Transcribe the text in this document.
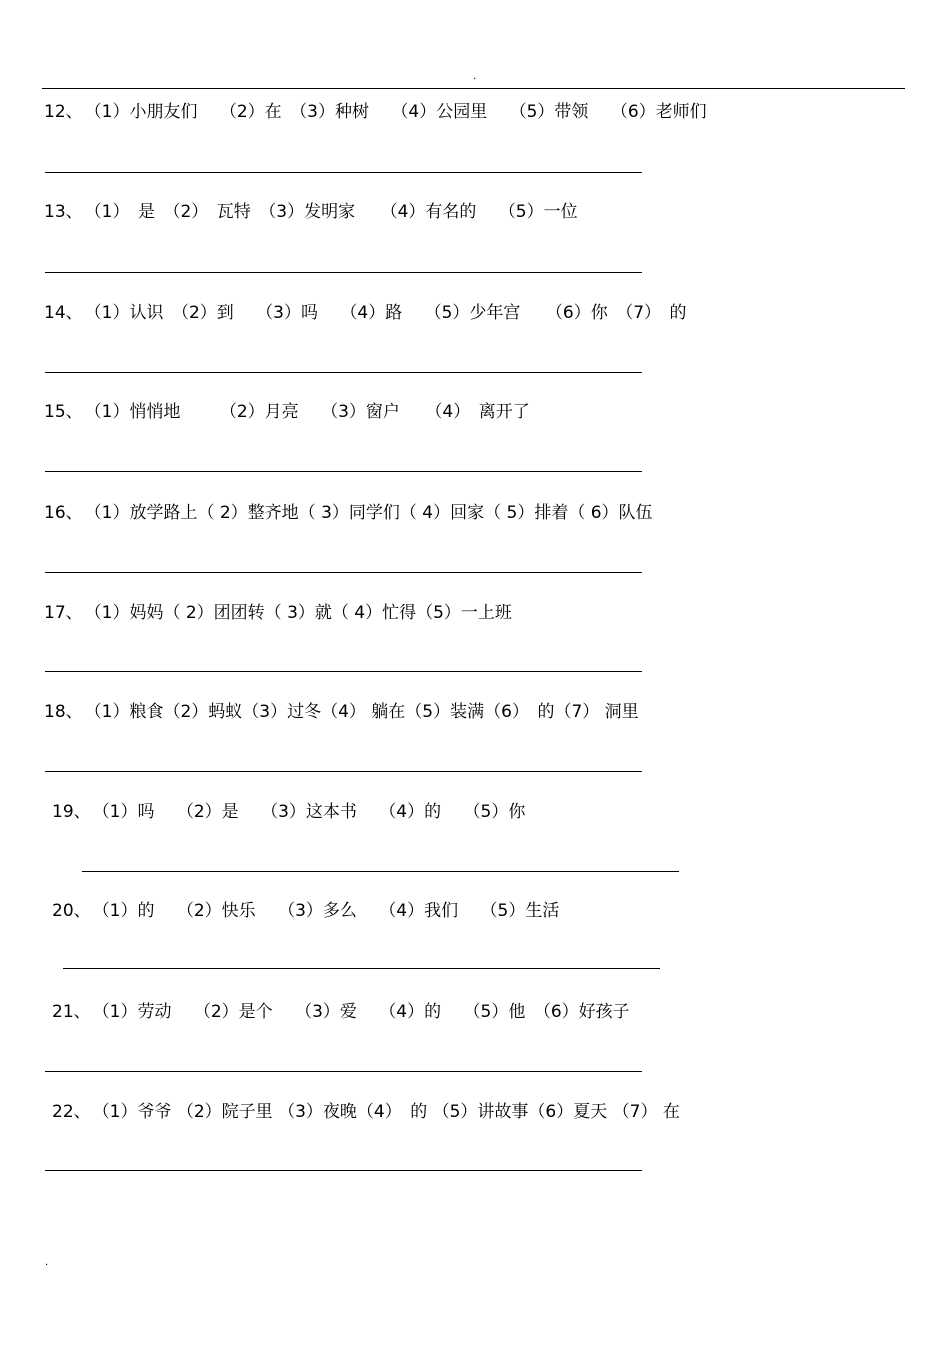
.
12、 （1）小朋友们　 （2）在　（3）种树　 （4）公园里　 （5）带领　 （6）老师们
13、 （1）　是　（2）　瓦特　（3）发明家　　（4）有名的　 （5）一位
14、 （1）认识　（2）到　 （3）吗　 （4）路　 （5）少年宫　　（6）你　（7）　的
15、 （1）悄悄地　　 （2）月亮　 （3）窗户　　（4）　离开了
16、 （1）放学路上（ 2）整齐地（ 3）同学们（ 4）回家（ 5）排着（ 6）队伍
17、 （1）妈妈（ 2）团团转（ 3）就（ 4）忙得（5）一上班
18、 （1）粮食（2）蚂蚁（3）过冬（4） 躺在（5）装满（6）　的（7） 洞里
19、 （1）吗　 （2）是　 （3）这本书　 （4）的　 （5）你
20、 （1）的　 （2）快乐　 （3）多么　 （4）我们　 （5）生活
21、 （1）劳动　 （2）是个　 （3）爱　 （4）的　 （5）他　（6）好孩子
22、 （1）爷爷 （2）院子里 （3）夜晚（4）　的 （5）讲故事（6）夏天 （7） 在
.
